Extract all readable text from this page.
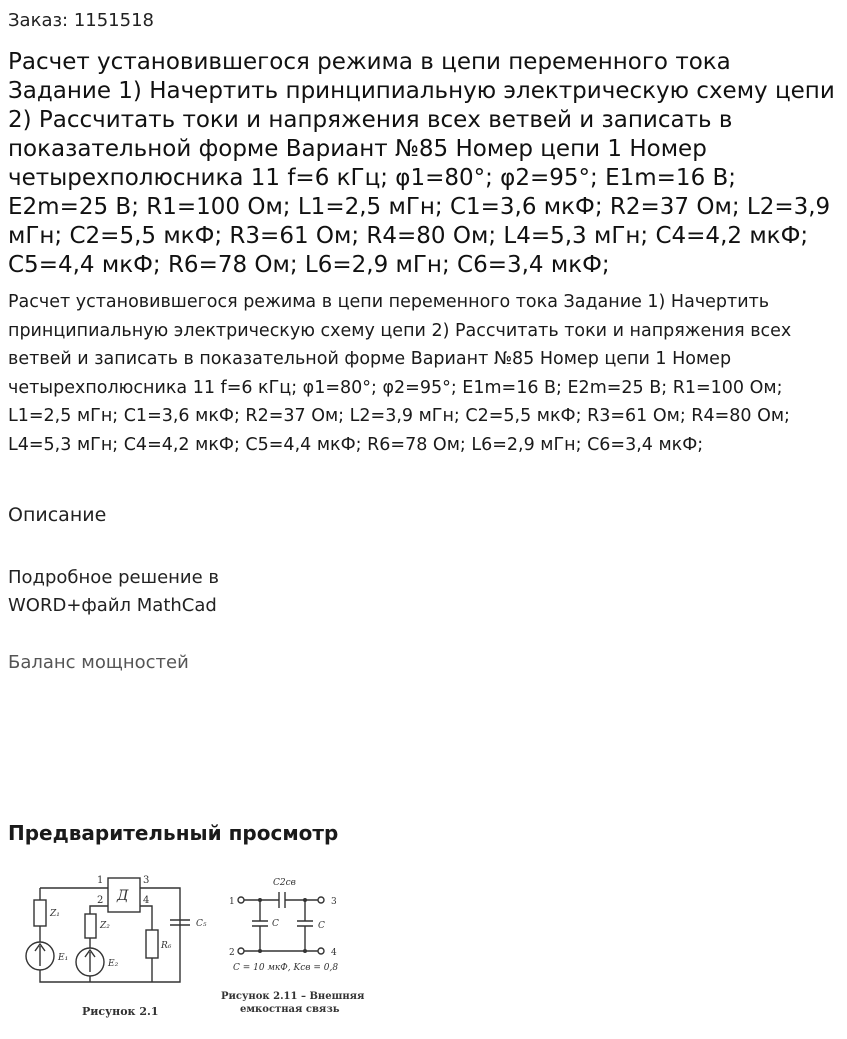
Заказ: 1151518
Расчет установившегося режима в цепи переменного тока Задание 1) Начертить принципиальную электрическую схему цепи 2) Рассчитать токи и напряжения всех ветвей и записать в показательной форме Вариант №85 Номер цепи 1 Номер четырехполюсника 11 f=6 кГц; φ1=80°; φ2=95°; E1m=16 В; E2m=25 В; R1=100 Ом; L1=2,5 мГн; C1=3,6 мкФ; R2=37 Ом; L2=3,9 мГн; C2=5,5 мкФ; R3=61 Ом; R4=80 Ом; L4=5,3 мГн; C4=4,2 мкФ; C5=4,4 мкФ; R6=78 Ом; L6=2,9 мГн; C6=3,4 мкФ;

Расчет установившегося режима в цепи переменного тока Задание 1) Начертить принципиальную электрическую схему цепи 2) Рассчитать токи и напряжения всех ветвей и записать в показательной форме Вариант №85 Номер цепи 1 Номер четырехполюсника 11 f=6 кГц; φ1=80°; φ2=95°; E1m=16 В; E2m=25 В; R1=100 Ом; L1=2,5 мГн; C1=3,6 мкФ; R2=37 Ом; L2=3,9 мГн; C2=5,5 мкФ; R3=61 Ом; R4=80 Ом; L4=5,3 мГн; C4=4,2 мкФ; C5=4,4 мкФ; R6=78 Ом; L6=2,9 мГн; C6=3,4 мкФ;

Описание
Подробное решение в WORD+файл MathCad
Баланс мощностей
Предварительный просмотр
1
2
3
4
Д
Z₁
Z₂
E₁
E₂
R₆
C₅
Рисунок 2.1
C2св
C	C
1
2
3
4
C = 10 мкФ, Kсв = 0,8
Рисунок 2.11 – Внешняя
емкостная связь
